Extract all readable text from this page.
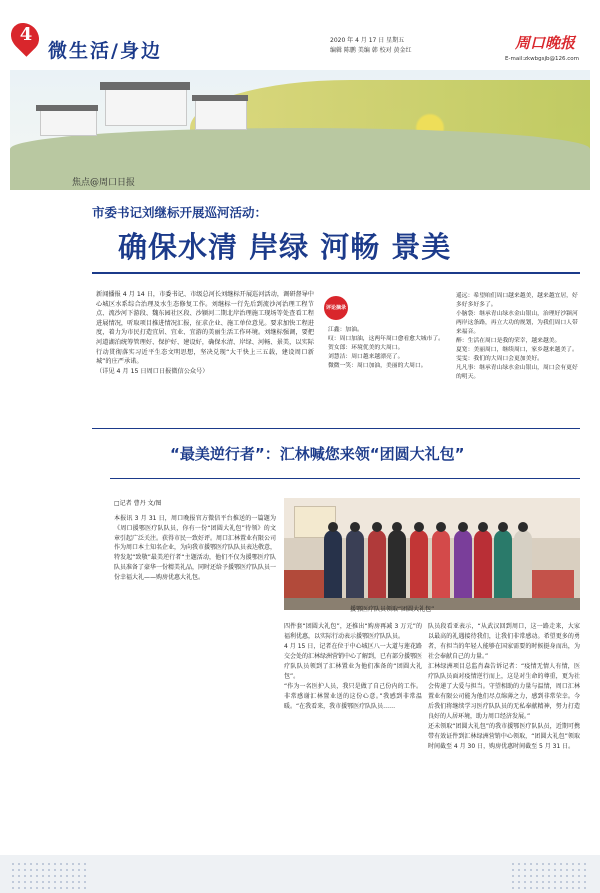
4
微生活/身边	2020 年 4 月 17 日 星期五
编辑 陈鹏 美编 韩 校对 黄金红	周口晚报
E-mail:zkwbgsjb@126.com
焦点@周口日报
市委书记刘继标开展巡河活动：
确保水清 岸绿 河畅 景美
新闻播报 4 月 14 日，市委书记、市级总河长刘继标开展巡河活动，调研督导中心城区水系综合治理及水生态修复工作。刘继标一行先后到流沙河治理工程节点、流沙河下游段、魏东园社区段、沙颍河二期北岸治理施工现场等处查看工程进展情况，听取项目推进情况汇报，征求企业、施工单位意见。要求加快工程进度，着力为市民打造宜居、宜业、宜游的美丽生活工作环境。刘继标强调，要把河道湖泊统筹管理好、保护好、建设好，确保水清、岸绿、河畅、景美，以实际行动贯彻落实习近平生态文明思想，坚决兑现“大干快上三五载，建设周口新城”的庄严承诺。
（详见 4 月 15 日周口日报微信公众号）
评论摘录
江鑫：加油。
叹：周口加油，这两年周口愈看愈大城市了。
贺女郎：环境优美的大周口。
刘慧洁：周口越来越漂亮了。
微微一笑：周口加油，美丽的大周口。
遥远：希望咱们周口越来越美，越来越宜居，好多好多好多了。
小脑袋：继承青山绿水金山银山，治理好沙颍河两岸这条路，再立大功的规划，为我们周口人带来福音。
醉：生活在周口是我的荣幸，越来越美。
夏宽：美丽周口，继续周口，家乡越来越美了。
雯雯：我们的大周口会更加美好。
凡凡事：继承青山绿水金山银山，周口会有更好的明天。
“最美逆行者”：汇林喊您来领“团圆大礼包”
□记者 曹丹 文/图
本报讯 3 月 31 日，周口晚报官方微信平台推送的一篇题为《周口援鄂医疗队队员，你有一份“团圆大礼包”待领》的文章引起广泛关注。获得市民一致好评。周口汇林置业有限公司作为周口本土知名企业，为向我市援鄂医疗队队员表达敬意，特发起“致敬”最美逆行者“主题活动，他们不仅为援鄂医疗队队员准备了豪华一份精美礼品，同时还给予援鄂医疗队队员一份幸福大礼——购房优惠大礼包。
援鄂医疗队员领取“团圆大礼包”
四件套“团圆大礼包”，还推出“购房再减 3 万元”的福利优惠，以实际行动表示援鄂医疗队队员。
4 月 15 日，记者在位于中心城区八一大道与莲花路交会处的汇林绿洲营销中心了解到，已有部分援鄂医疗队队员领到了汇林置业为他们准备的“团圆大礼包”。
“作为一名医护人员，我只是做了自己份内的工作。非常感谢汇林置业送的这份心意。”我感到非常温暖。“在我看来，我市援鄂医疗队队员……
队员段看亚表示，“从武汉回到周口，这一路走来，大家以最高的礼遇接待我们，让我们非常感动。希望更多的勇者，有担当的年轻人能够在国家需要的时候挺身而出，为社会奉献自己的力量。”
汇林绿洲项目总监肖森告诉记者：“疫情无情人有情，医疗队队员面对疫情逆行而上，这是对生命的尊重，更为社会传递了大爱与担当。守望相助的力量与温情，周口汇林置业有限公司能为他们尽点绵薄之力，感到非常荣幸。今后我们将继续学习医疗队队员的无私奉献精神，努力打造良好的人居环境，助力周口经济发展。”
还未领取“团圆大礼包”的我市援鄂医疗队队员，近期可携带有效证件到汇林绿洲营销中心领取，“团圆大礼包”领取时间截至 4 月 30 日，购房优惠时间截至 5 月 31 日。
